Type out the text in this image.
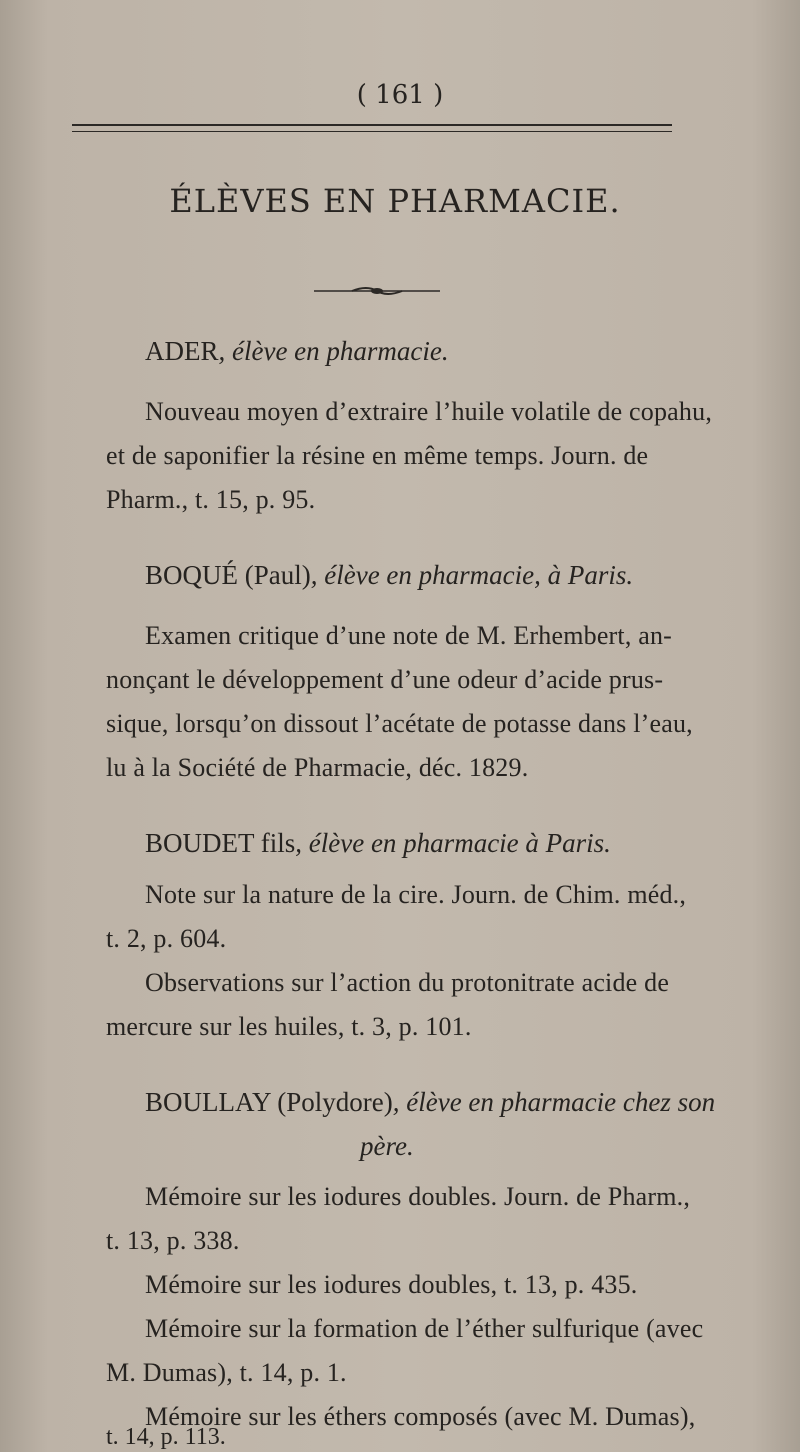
( 161 )
ÉLÈVES EN PHARMACIE.
ADER, élève en pharmacie.
Nouveau moyen d’extraire l’huile volatile de copahu,
et de saponifier la résine en même temps. Journ. de
Pharm., t. 15, p. 95.
BOQUÉ (Paul), élève en pharmacie, à Paris.
Examen critique d’une note de M. Erhembert, an-
nonçant le développement d’une odeur d’acide prus-
sique, lorsqu’on dissout l’acétate de potasse dans l’eau,
lu à la Société de Pharmacie, déc. 1829.
BOUDET fils, élève en pharmacie à Paris.
Note sur la nature de la cire. Journ. de Chim. méd.,
t. 2, p. 604.
Observations sur l’action du protonitrate acide de
mercure sur les huiles, t. 3, p. 101.
BOULLAY (Polydore), élève en pharmacie chez son
père.
Mémoire sur les iodures doubles. Journ. de Pharm.,
t. 13, p. 338.
Mémoire sur les iodures doubles, t. 13, p. 435.
Mémoire sur la formation de l’éther sulfurique (avec
M. Dumas), t. 14, p. 1.
Mémoire sur les éthers composés (avec M. Dumas),
t. 14, p. 113.
